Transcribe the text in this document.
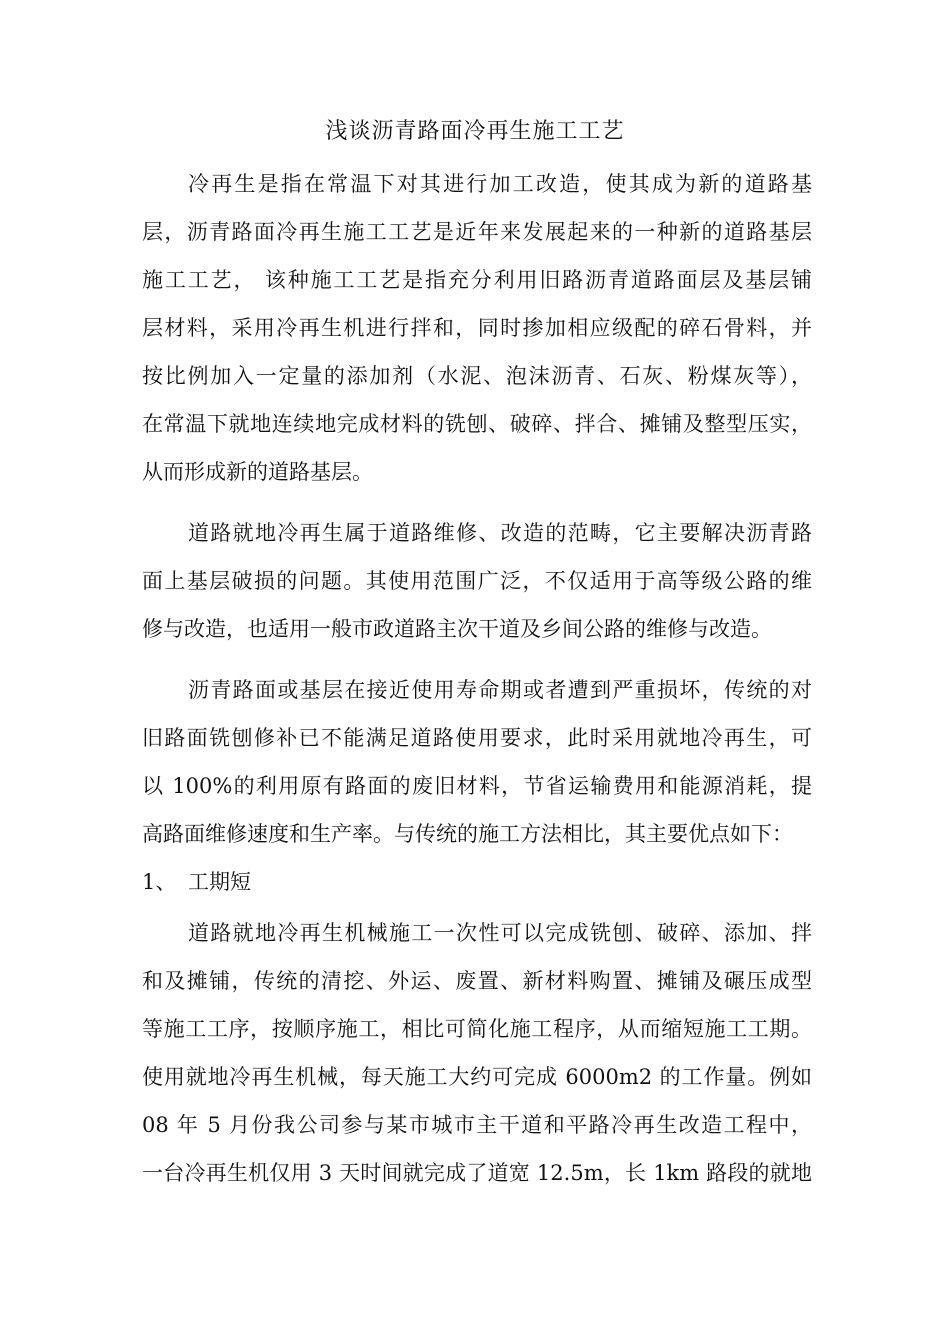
浅谈沥青路面冷再生施工工艺
冷再生是指在常温下对其进行加工改造，使其成为新的道路基
层，沥青路面冷再生施工工艺是近年来发展起来的一种新的道路基层
施工工艺， 该种施工工艺是指充分利用旧路沥青道路面层及基层铺
层材料，采用冷再生机进行拌和，同时掺加相应级配的碎石骨料，并
按比例加入一定量的添加剂（水泥、泡沫沥青、石灰、粉煤灰等），
在常温下就地连续地完成材料的铣刨、破碎、拌合、摊铺及整型压实，
从而形成新的道路基层。
道路就地冷再生属于道路维修、改造的范畴，它主要解决沥青路
面上基层破损的问题。其使用范围广泛，不仅适用于高等级公路的维
修与改造，也适用一般市政道路主次干道及乡间公路的维修与改造。
沥青路面或基层在接近使用寿命期或者遭到严重损坏，传统的对
旧路面铣刨修补已不能满足道路使用要求，此时采用就地冷再生，可
以 100%的利用原有路面的废旧材料，节省运输费用和能源消耗，提
高路面维修速度和生产率。与传统的施工方法相比，其主要优点如下：
1、 工期短
道路就地冷再生机械施工一次性可以完成铣刨、破碎、添加、拌
和及摊铺，传统的清挖、外运、废置、新材料购置、摊铺及碾压成型
等施工工序，按顺序施工，相比可简化施工程序，从而缩短施工工期。
使用就地冷再生机械，每天施工大约可完成 6000m2 的工作量。例如
08 年 5 月份我公司参与某市城市主干道和平路冷再生改造工程中，
一台冷再生机仅用 3 天时间就完成了道宽 12.5m，长 1km 路段的就地
